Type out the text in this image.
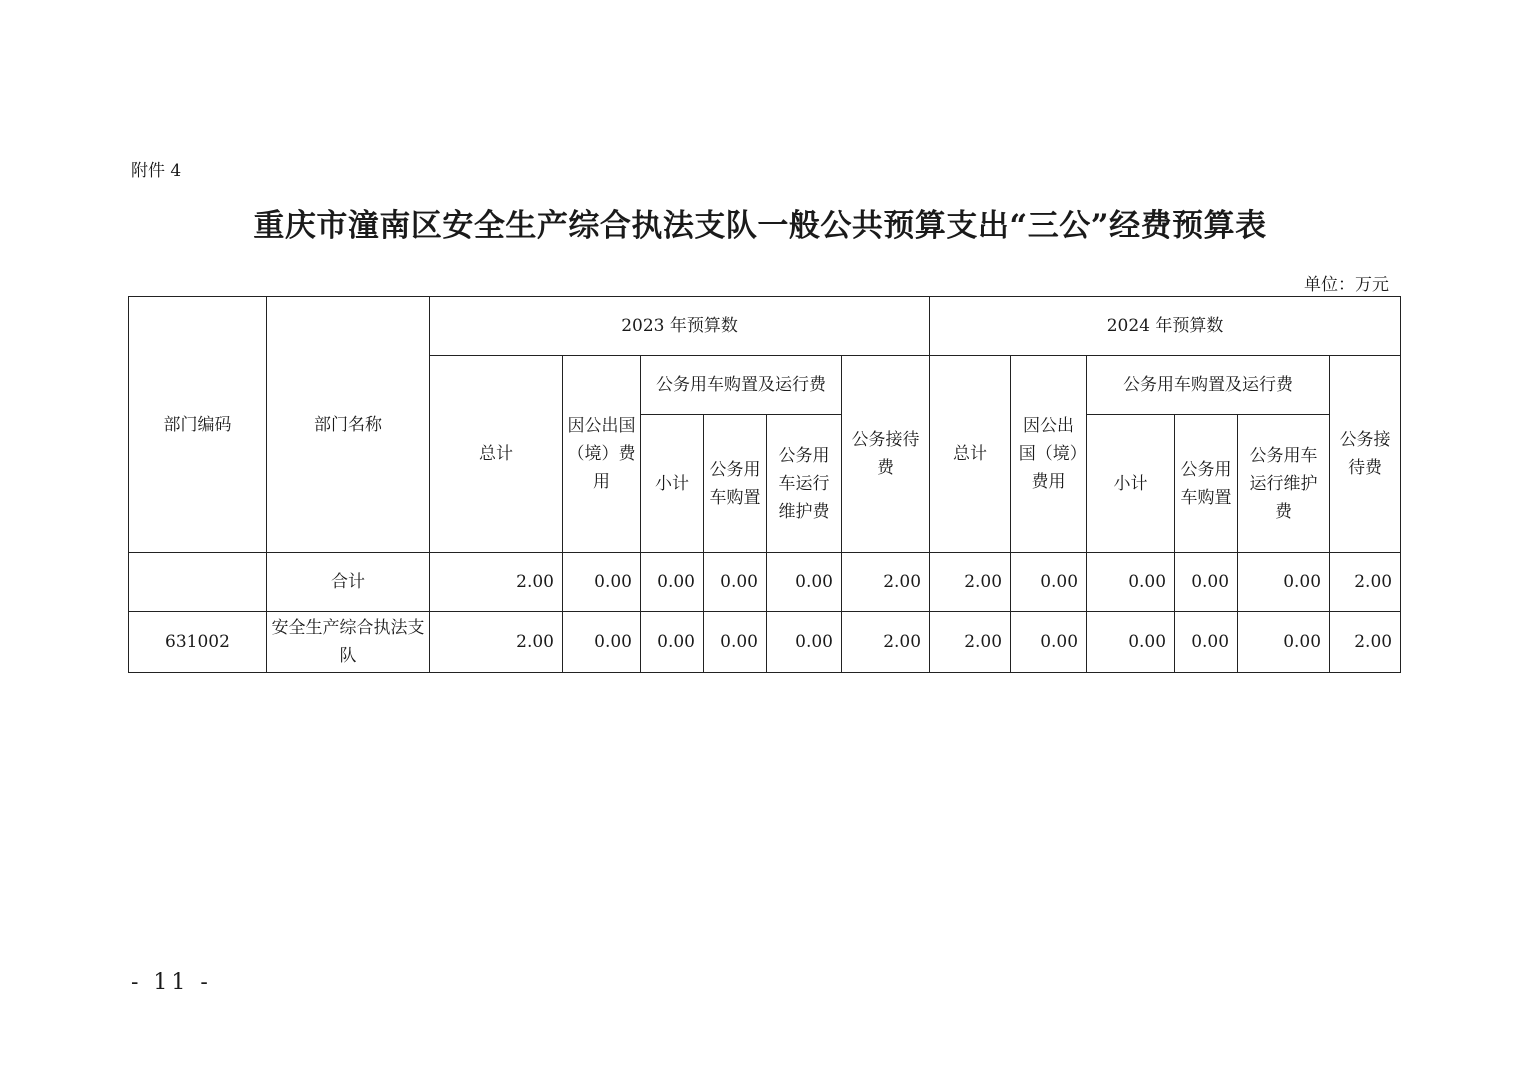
附件 4
重庆市潼南区安全生产综合执法支队一般公共预算支出“三公”经费预算表
单位：万元
部门编码	部门名称	2023 年预算数						2024 年预算数					
		总计	因公出国（境）费用	公务用车购置及运行费			公务接待费	总计	因公出国（境）费用	公务用车购置及运行费			公务接待费
				小计	公务用车购置	公务用车运行维护费				小计	公务用车购置	公务用车运行维护费	
	合计	2.00	0.00	0.00	0.00	0.00	2.00	2.00	0.00	0.00	0.00	0.00	2.00
631002	安全生产综合执法支队	2.00	0.00	0.00	0.00	0.00	2.00	2.00	0.00	0.00	0.00	0.00	2.00
- 11 -
